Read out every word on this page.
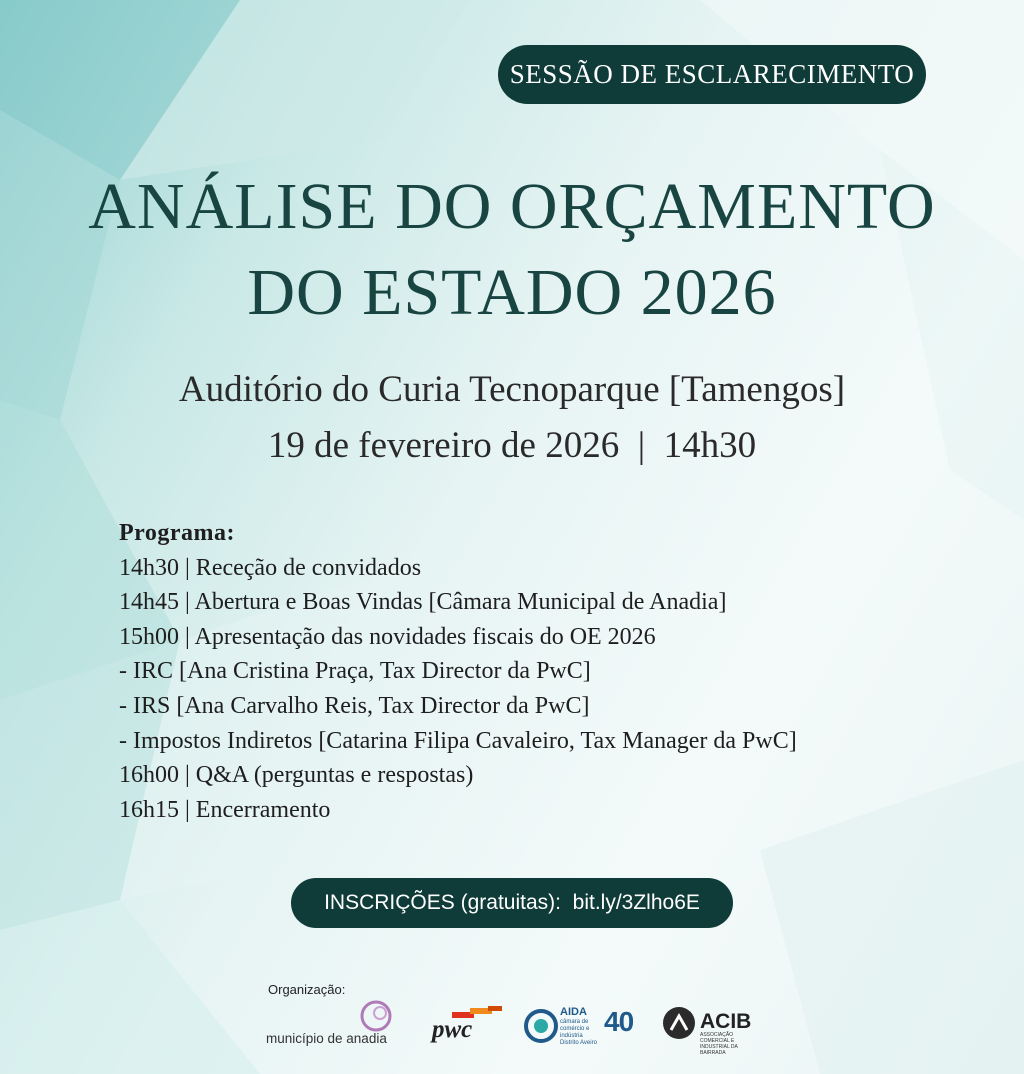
SESSÃO DE ESCLARECIMENTO
ANÁLISE DO ORÇAMENTO
DO ESTADO 2026
Auditório do Curia Tecnoparque [Tamengos]
19 de fevereiro de 2026  |  14h30
Programa:
14h30 | Receção de convidados
14h45 | Abertura e Boas Vindas [Câmara Municipal de Anadia]
15h00 | Apresentação das novidades fiscais do OE 2026
- IRC [Ana Cristina Praça, Tax Director da PwC]
- IRS [Ana Carvalho Reis, Tax Director da PwC]
- Impostos Indiretos [Catarina Filipa Cavaleiro, Tax Manager da PwC]
16h00 | Q&A (perguntas e respostas)
16h15 | Encerramento
INSCRIÇÕES (gratuitas):  bit.ly/3Zlho6E
Organização:
município de anadia pwc
AIDA
câmara de comércio e indústria Distrito Aveiro
40	ACIB
ASSOCIAÇÃO COMERCIAL E INDUSTRIAL DA BAIRRADA
